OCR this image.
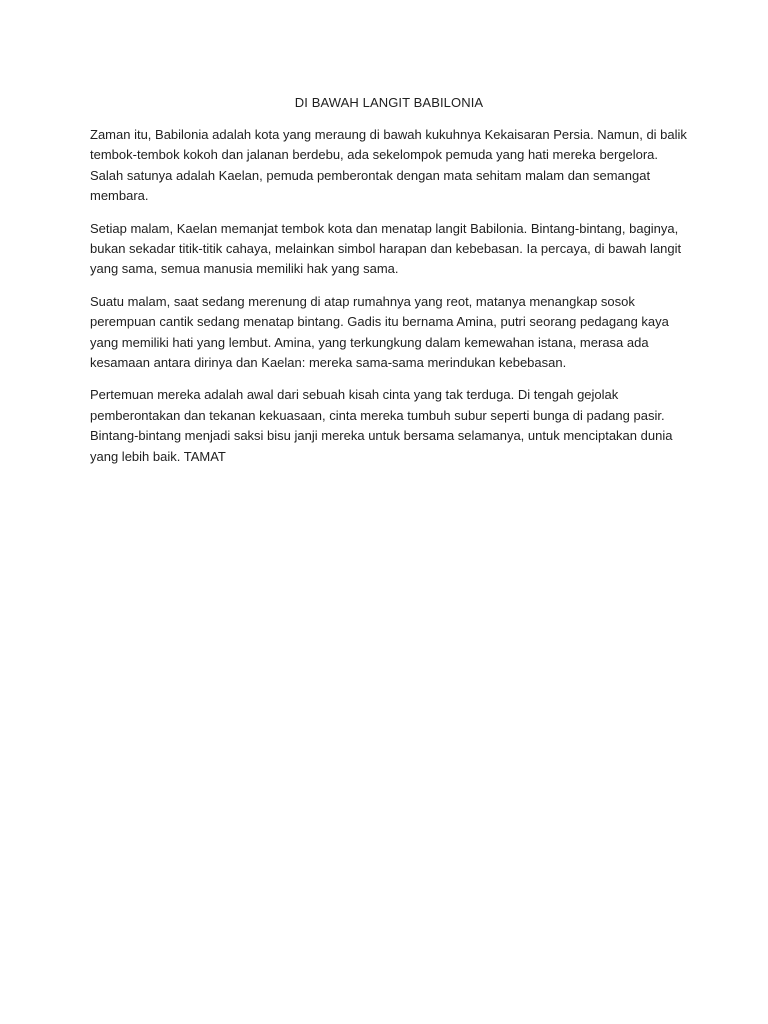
DI BAWAH LANGIT BABILONIA

Zaman itu, Babilonia adalah kota yang meraung di bawah kukuhnya Kekaisaran Persia. Namun, di balik
tembok-tembok kokoh dan jalanan berdebu, ada sekelompok pemuda yang hati mereka bergelora.
Salah satunya adalah Kaelan, pemuda pemberontak dengan mata sehitam malam dan semangat
membara.

Setiap malam, Kaelan memanjat tembok kota dan menatap langit Babilonia. Bintang-bintang, baginya,
bukan sekadar titik-titik cahaya, melainkan simbol harapan dan kebebasan. Ia percaya, di bawah langit
yang sama, semua manusia memiliki hak yang sama.

Suatu malam, saat sedang merenung di atap rumahnya yang reot, matanya menangkap sosok
perempuan cantik sedang menatap bintang. Gadis itu bernama Amina, putri seorang pedagang kaya
yang memiliki hati yang lembut. Amina, yang terkungkung dalam kemewahan istana, merasa ada
kesamaan antara dirinya dan Kaelan: mereka sama-sama merindukan kebebasan.

Pertemuan mereka adalah awal dari sebuah kisah cinta yang tak terduga. Di tengah gejolak
pemberontakan dan tekanan kekuasaan, cinta mereka tumbuh subur seperti bunga di padang pasir.
Bintang-bintang menjadi saksi bisu janji mereka untuk bersama selamanya, untuk menciptakan dunia
yang lebih baik. TAMAT
